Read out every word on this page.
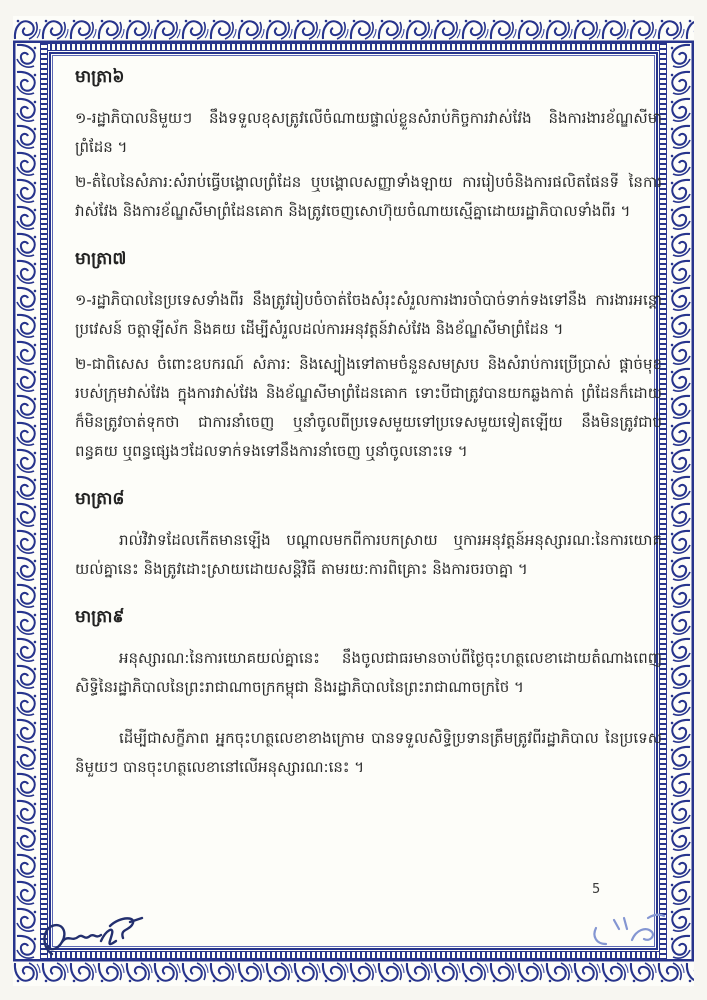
មាត្រា៦

១-រដ្ឋាភិបាលនិមួយៗ នឹងទទួលខុសត្រូវលើចំណាយផ្ទាល់ខ្លួនសំរាប់កិច្ចការវាស់វែង និងការងារខ័ណ្ឌសីមាព្រំដែន ។

២-តំលៃនៃសំភារ:សំរាប់ធ្វើបង្គោលព្រំដែន ឬបង្គោលសញ្ញាទាំងឡាយ ការរៀបចំនិងការផលិតផែនទី នៃការវាស់វែង និងការខ័ណ្ឌសីមាព្រំដែនគោក និងត្រូវចេញសោហ៊ុយចំណាយស្មើគ្នាដោយរដ្ឋាភិបាលទាំងពីរ ។

មាត្រា៧

១-រដ្ឋាភិបាលនៃប្រទេសទាំងពីរ នឹងត្រូវរៀបចំចាត់ចែងសំរុះសំរួលការងារចាំបាច់ទាក់ទងទៅនឹង ការងារអន្តោប្រវេសន៍ ចត្តាឡីស័ក និងគយ ដើម្បីសំរួលដល់ការអនុវត្តន៍វាស់វែង និងខ័ណ្ឌសីមាព្រំដែន ។

២-ជាពិសេស ចំពោះឧបករណ៍ សំភារ: និងស្បៀងទៅតាមចំនួនសមស្រប និងសំរាប់ការប្រើប្រាស់ ផ្តាច់មុខរបស់ក្រុមវាស់វែង ក្នុងការវាស់វែង និងខ័ណ្ឌសីមាព្រំដែនគោក ទោះបីជាត្រូវបានយកឆ្លងកាត់ ព្រំដែនក៏ដោយ ក៏មិនត្រូវចាត់ទុកថា ជាការនាំចេញ ឬនាំចូលពីប្រទេសមួយទៅប្រទេសមួយទៀតឡើយ នឹងមិនត្រូវជាប់ពន្ធគយ ឬពន្ធផ្សេងៗដែលទាក់ទងទៅនឹងការនាំចេញ ឬនាំចូលនោះទេ ។

មាត្រា៨

រាល់វិវាទដែលកើតមានឡើង បណ្តាលមកពីការបកស្រាយ ឬការអនុវត្តន៍អនុស្សារណ:នៃការយោគយល់គ្នានេះ និងត្រូវដោះស្រាយដោយសន្តិវិធី តាមរយ:ការពិគ្រោះ និងការចរចាគ្នា ។

មាត្រា៩

អនុស្សារណ:នៃការយោគយល់គ្នានេះ នឹងចូលជាធរមានចាប់ពីថ្ងៃចុះហត្ថលេខាដោយតំណាងពេញសិទ្ធិនៃរដ្ឋាភិបាលនៃព្រះរាជាណាចក្រកម្ពុជា និងរដ្ឋាភិបាលនៃព្រះរាជាណាចក្រថៃ ។

ដើម្បីជាសក្ខីភាព អ្នកចុះហត្ថលេខាខាងក្រោម បានទទួលសិទ្ធិប្រទានត្រឹមត្រូវពីរដ្ឋាភិបាល នៃប្រទេសនិមួយៗ បានចុះហត្ថលេខានៅលើអនុស្សារណ:នេះ ។

5
